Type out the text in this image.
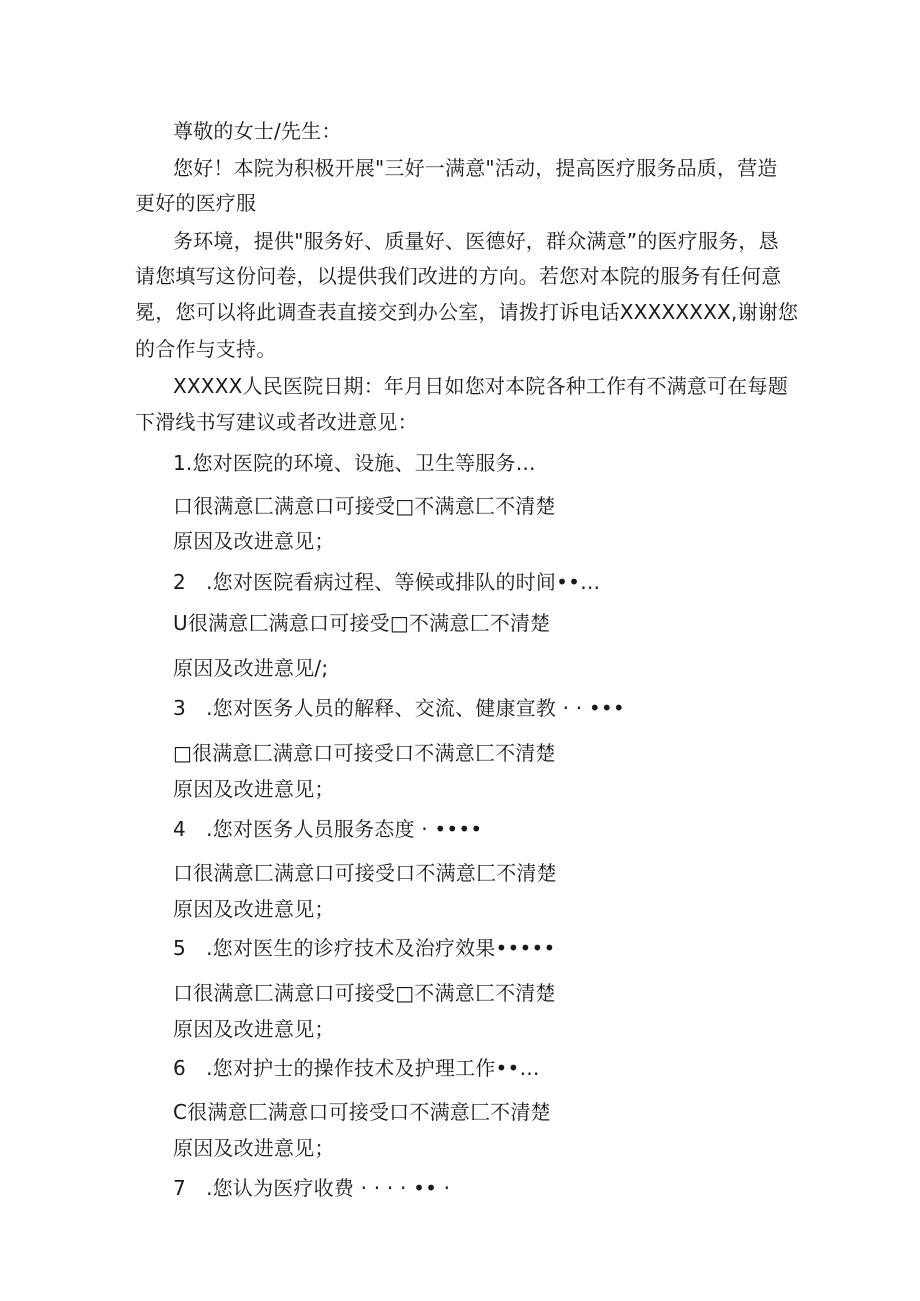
尊敬的女士/先生：
您好！本院为积极开展"三好一满意"活动，提高医疗服务品质，营造
更好的医疗服
务环境，提供"服务好、质量好、医德好，群众满意”的医疗服务，恳
请您填写这份问卷，以提供我们改进的方向。若您对本院的服务有任何意
冕，您可以将此调查表直接交到办公室，请拨打诉电话XXXXXXXX,谢谢您
的合作与支持。
XXXXX人民医院日期：年月日如您对本院各种工作有不满意可在每题
下滑线书写建议或者改进意见：
1.您对医院的环境、设施、卫生等服务…
口很满意匚满意口可接受□不满意匚不清楚
原因及改进意见；
2 .您对医院看病过程、等候或排队的时间••…
U很满意匚满意口可接受□不满意匚不清楚
原因及改进意见/;
3 .您对医务人员的解释、交流、健康宣教 · · •••
□很满意匚满意口可接受口不满意匚不清楚
原因及改进意见；
4 .您对医务人员服务态度 · ••••
口很满意匚满意口可接受口不满意匚不清楚
原因及改进意见；
5 .您对医生的诊疗技术及治疗效果•••••
口很满意匚满意口可接受□不满意匚不清楚
原因及改进意见；
6 .您对护士的操作技术及护理工作••…
C很满意匚满意口可接受口不满意匚不清楚
原因及改进意见；
7 .您认为医疗收费 · · · · •• ·
